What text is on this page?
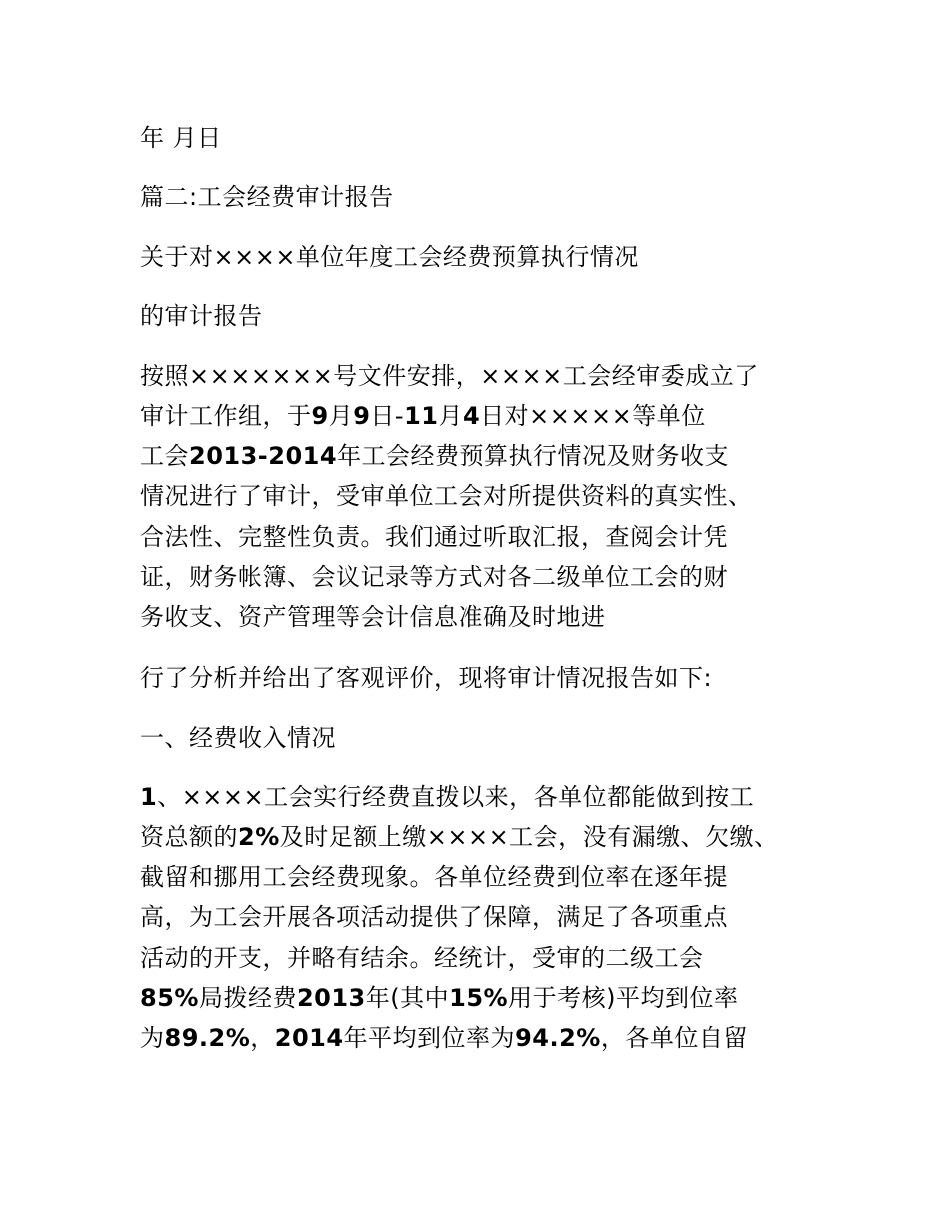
年 月日
篇二:工会经费审计报告
关于对××××单位年度工会经费预算执行情况
的审计报告
按照×××××××号文件安排，××××工会经审委成立了
审计工作组，于9月9日-11月4日对×××××等单位
工会2013-2014年工会经费预算执行情况及财务收支
情况进行了审计，受审单位工会对所提供资料的真实性、
合法性、完整性负责。我们通过听取汇报，查阅会计凭
证，财务帐簿、会议记录等方式对各二级单位工会的财
务收支、资产管理等会计信息准确及时地进
行了分析并给出了客观评价，现将审计情况报告如下:
一、经费收入情况
1、××××工会实行经费直拨以来，各单位都能做到按工
资总额的2%及时足额上缴××××工会，没有漏缴、欠缴、
截留和挪用工会经费现象。各单位经费到位率在逐年提
高，为工会开展各项活动提供了保障，满足了各项重点
活动的开支，并略有结余。经统计，受审的二级工会
85%局拨经费2013年(其中15%用于考核)平均到位率
为89.2%，2014年平均到位率为94.2%，各单位自留
